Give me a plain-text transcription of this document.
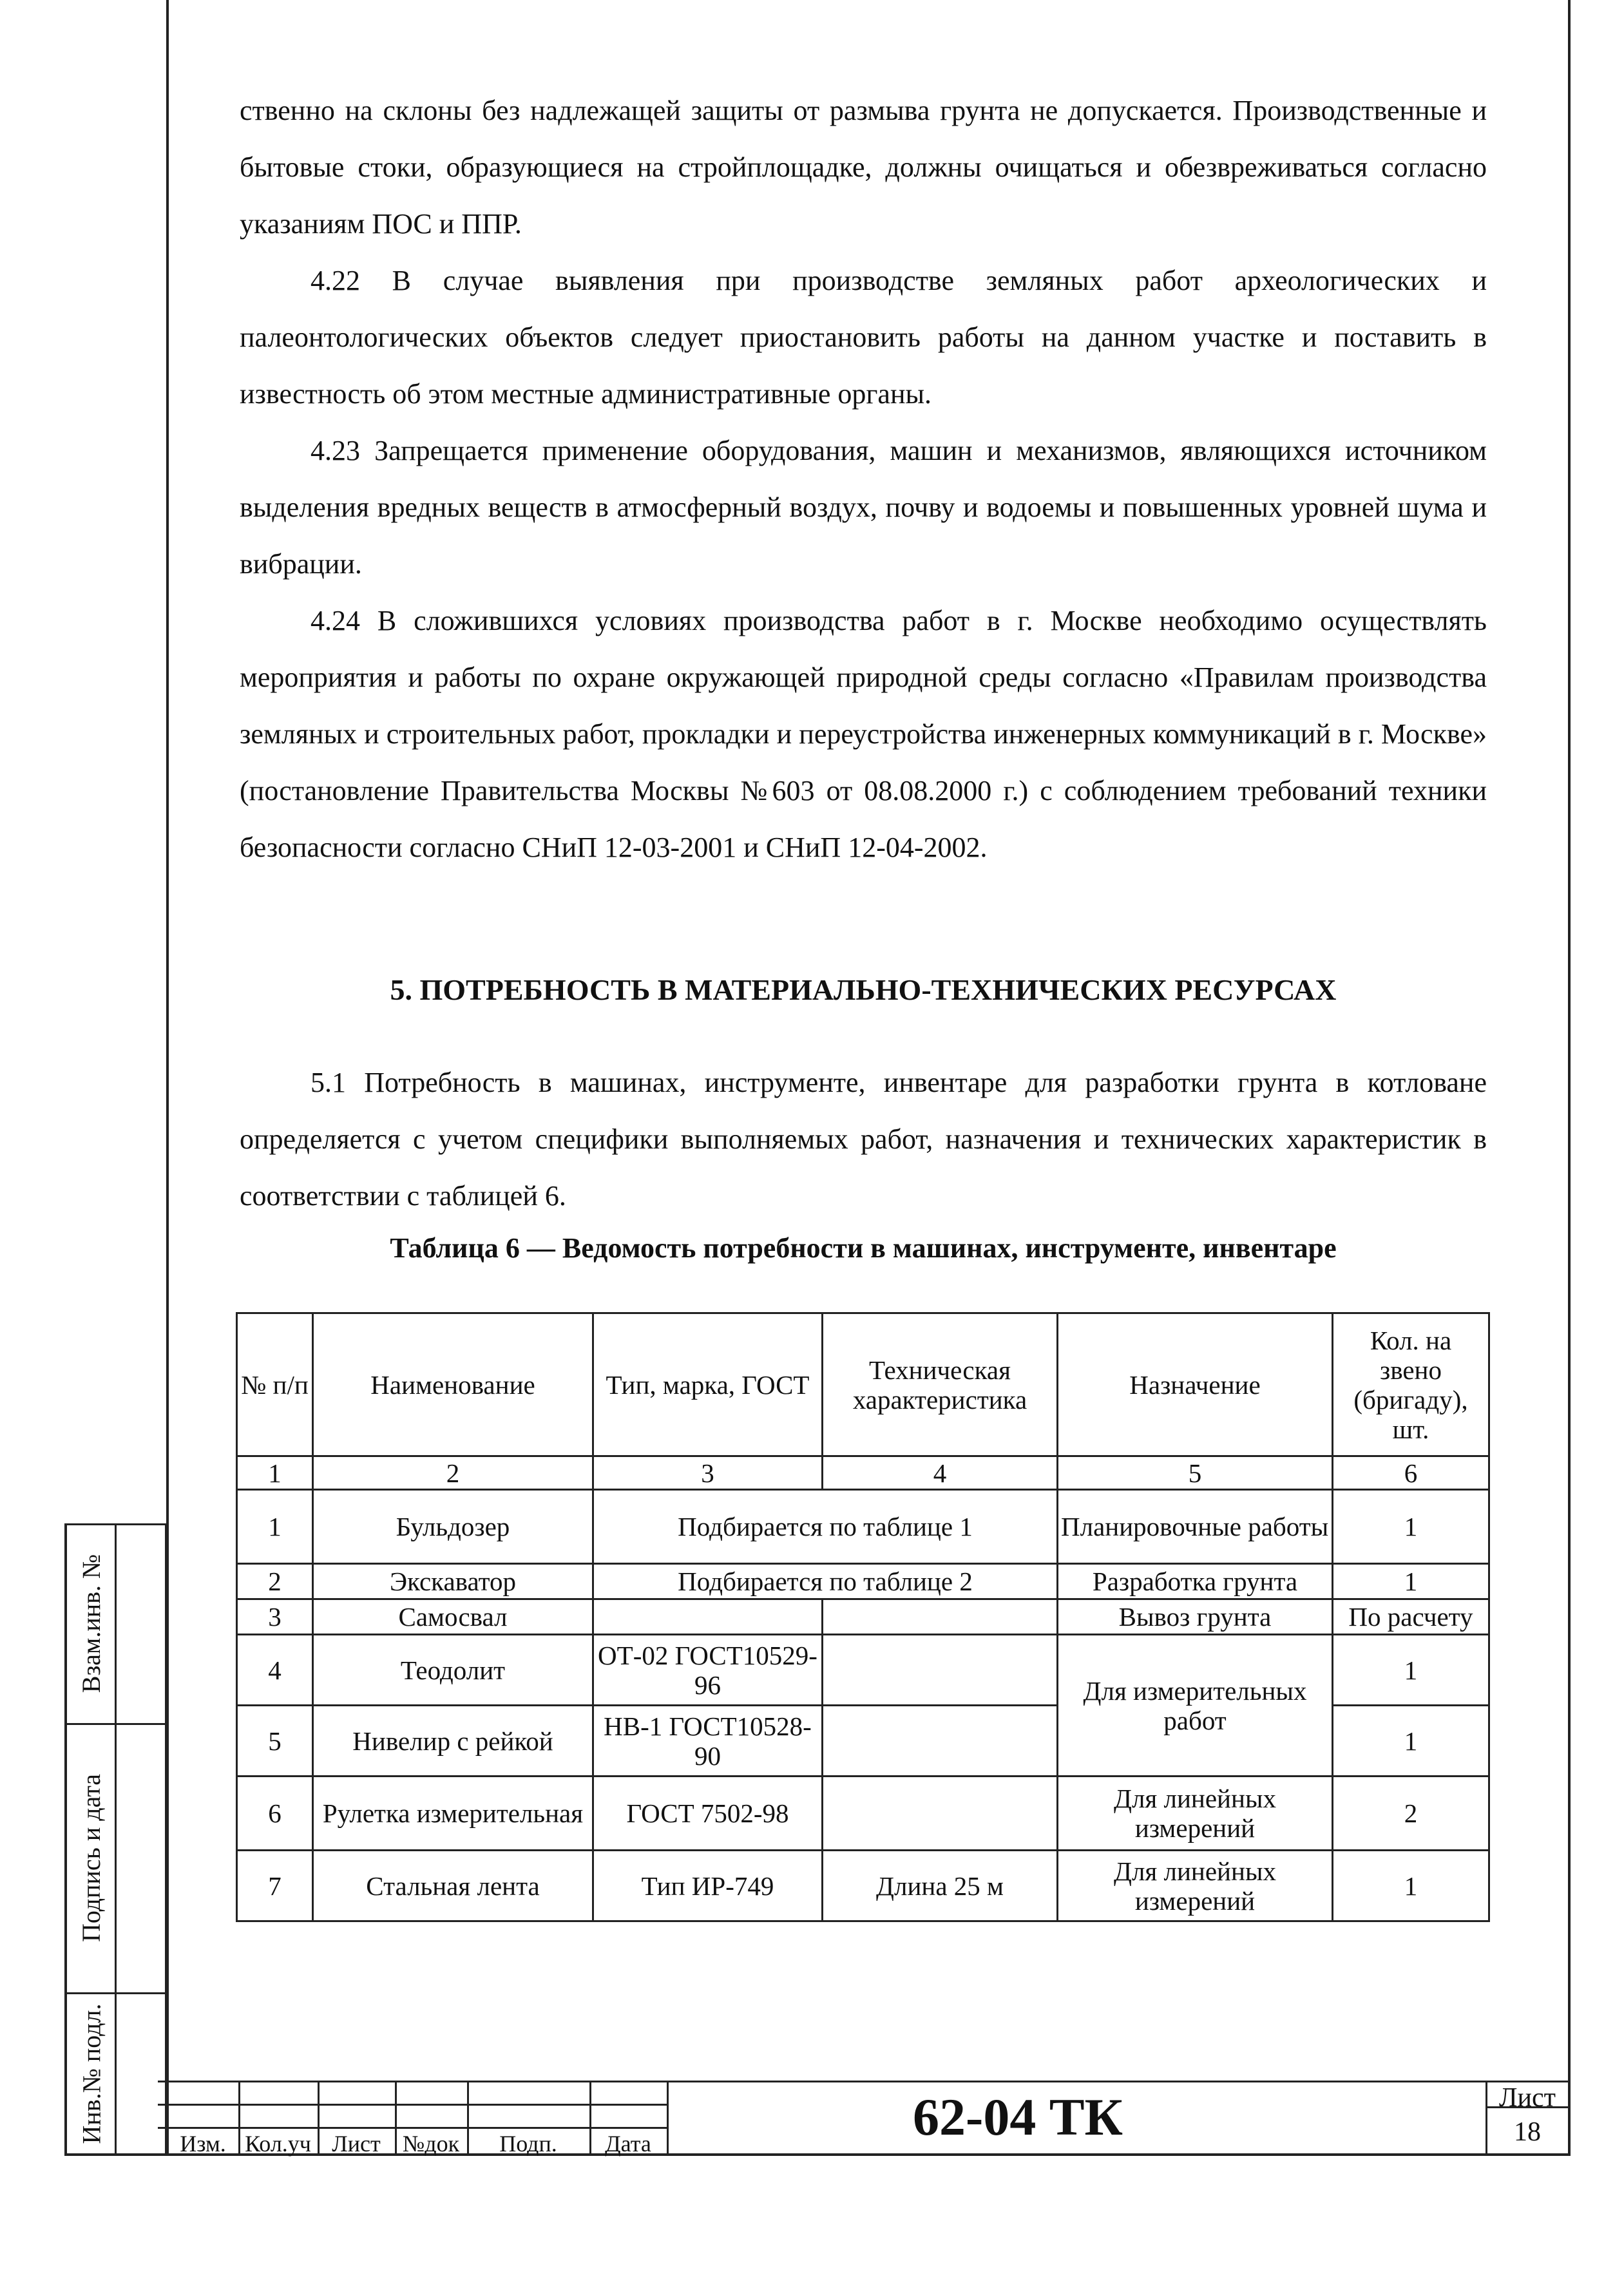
ственно на склоны без надлежащей защиты от размыва грунта не допускается. Производственные и бытовые стоки, образующиеся на стройплощадке, должны очищаться и обезвреживаться согласно указаниям ПОС и ППР.

4.22 В случае выявления при производстве земляных работ археологических и палеонтологических объектов следует приостановить работы на данном участке и поставить в известность об этом местные административные органы.

4.23 Запрещается применение оборудования, машин и механизмов, являющихся источником выделения вредных веществ в атмосферный воздух, почву и водоемы и повышенных уровней шума и вибрации.

4.24 В сложившихся условиях производства работ в г. Москве необходимо осуществлять мероприятия и работы по охране окружающей природной среды согласно «Правилам производства земляных и строительных работ, прокладки и переустройства инженерных коммуникаций в г. Москве» (постановление Правительства Москвы №603 от 08.08.2000 г.) с соблюдением требований техники безопасности согласно СНиП 12-03-2001 и СНиП 12-04-2002.

5. ПОТРЕБНОСТЬ В МАТЕРИАЛЬНО-ТЕХНИЧЕСКИХ РЕСУРСАХ

5.1 Потребность в машинах, инструменте, инвентаре для разработки грунта в котловане определяется с учетом специфики выполняемых работ, назначения и технических характеристик в соответствии с таблицей 6.

Таблица 6 — Ведомость потребности в машинах, инструменте, инвентаре
№ п/п	Наименование	Тип, марка, ГОСТ	Техническая характеристика	Назначение	Кол. на звено (бригаду), шт.
1	2	3	4	5	6
1	Бульдозер	Подбирается по таблице 1		Планировочные работы	1
2	Экскаватор	Подбирается по таблице 2		Разработка грунта	1
3	Самосвал			Вывоз грунта	По расчету
4	Теодолит	ОТ-02 ГОСТ10529-96		Для измерительных работ	1
5	Нивелир с рейкой	НВ-1 ГОСТ10528-90			1
6	Рулетка измерительная	ГОСТ 7502-98		Для линейных измерений	2
7	Стальная лента	Тип ИР-749	Длина 25 м	Для линейных измерений	1
Взам.инв. №
Подпись и дата
Инв.№ подл.
Изм. Кол.уч Лист №док	Подп.	Дата	62-04 ТК	Лист
18
